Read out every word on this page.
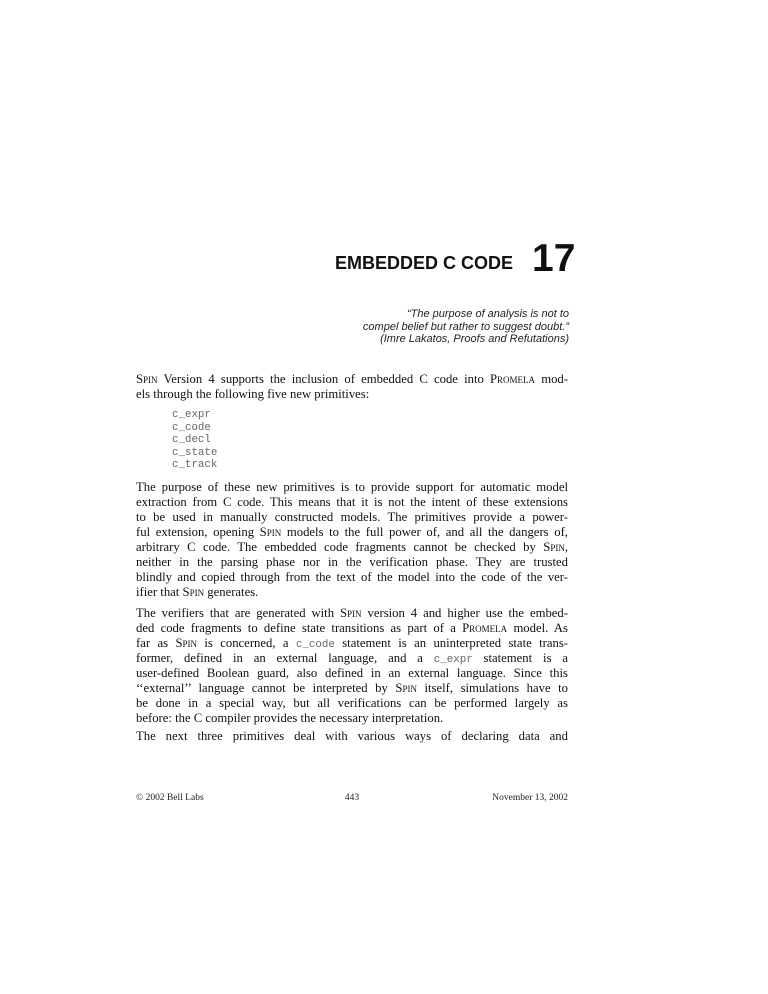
EMBEDDED C CODE 17
“The purpose of analysis is not to
compel belief but rather to suggest doubt.”
(Imre Lakatos, Proofs and Refutations)
Spin Version 4 supports the inclusion of embedded C code into Promela mod-
els through the following five new primitives:
c_expr
c_code
c_decl
c_state
c_track
The purpose of these new primitives is to provide support for automatic model
extraction from C code. This means that it is not the intent of these extensions
to be used in manually constructed models. The primitives provide a power-
ful extension, opening Spin models to the full power of, and all the dangers of,
arbitrary C code. The embedded code fragments cannot be checked by Spin,
neither in the parsing phase nor in the verification phase. They are trusted
blindly and copied through from the text of the model into the code of the ver-
ifier that Spin generates.
The verifiers that are generated with Spin version 4 and higher use the embed-
ded code fragments to define state transitions as part of a Promela model. As
far as Spin is concerned, a c_code statement is an uninterpreted state trans-
former, defined in an external language, and a c_expr statement is a
user-defined Boolean guard, also defined in an external language. Since this
‘‘external’’ language cannot be interpreted by Spin itself, simulations have to
be done in a special way, but all verifications can be performed largely as
before: the C compiler provides the necessary interpretation.
The next three primitives deal with various ways of declaring data and
© 2002 Bell Labs	443	November 13, 2002
